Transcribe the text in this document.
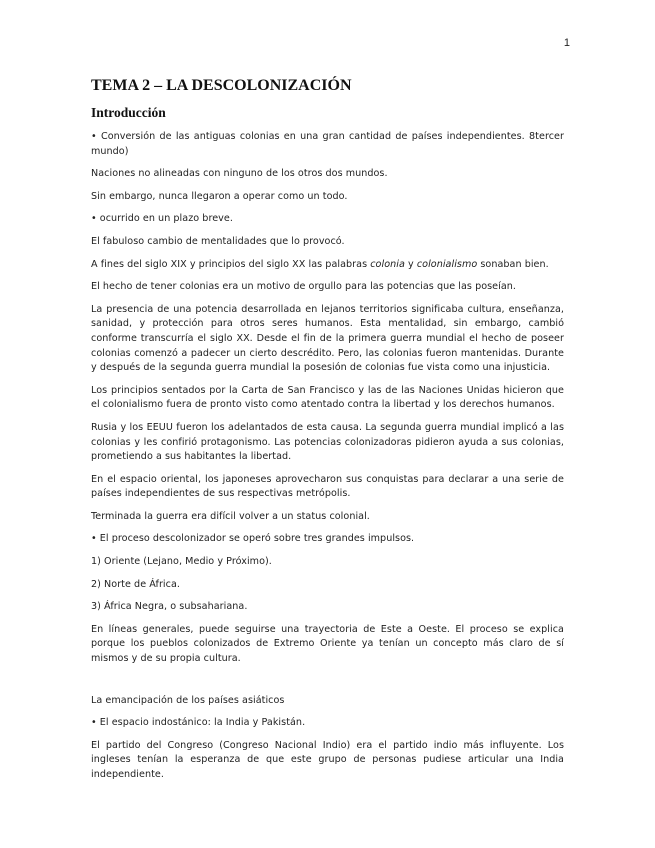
1
TEMA 2 – LA DESCOLONIZACIÓN
Introducción

• Conversión de las antiguas colonias en una gran cantidad de países independientes. 8tercer mundo)

Naciones no alineadas con ninguno de los otros dos mundos.

Sin embargo, nunca llegaron a operar como un todo.

• ocurrido en un plazo breve.

El fabuloso cambio de mentalidades que lo provocó.

A fines del siglo XIX y principios del siglo XX las palabras colonia y colonialismo sonaban bien.

El hecho de tener colonias era un motivo de orgullo para las potencias que las poseían.

La presencia de una potencia desarrollada en lejanos territorios significaba cultura, enseñanza, sanidad, y protección para otros seres humanos. Esta mentalidad, sin embargo, cambió conforme transcurría el siglo XX. Desde el fin de la primera guerra mundial el hecho de poseer colonias comenzó a padecer un cierto descrédito. Pero, las colonias fueron mantenidas. Durante y después de la segunda guerra mundial la posesión de colonias fue vista como una injusticia.

Los principios sentados por la Carta de San Francisco y las de las Naciones Unidas hicieron que el colonialismo fuera de pronto visto como atentado contra la libertad y los derechos humanos.

Rusia y los EEUU fueron los adelantados de esta causa. La segunda guerra mundial implicó a las colonias y les confirió protagonismo. Las potencias colonizadoras pidieron ayuda a sus colonias, prometiendo a sus habitantes la libertad.

En el espacio oriental, los japoneses aprovecharon sus conquistas para declarar a una serie de países independientes de sus respectivas metrópolis.

Terminada la guerra era difícil volver a un status colonial.

• El proceso descolonizador se operó sobre tres grandes impulsos.

1) Oriente (Lejano, Medio y Próximo).

2) Norte de África.

3) África Negra, o subsahariana.

En líneas generales, puede seguirse una trayectoria de Este a Oeste. El proceso se explica porque los pueblos colonizados de Extremo Oriente ya tenían un concepto más claro de sí mismos y de su propia cultura.

La emancipación de los países asiáticos

• El espacio indostánico: la India y Pakistán.

El partido del Congreso (Congreso Nacional Indio) era el partido indio más influyente. Los ingleses tenían la esperanza de que este grupo de personas pudiese articular una India independiente.
